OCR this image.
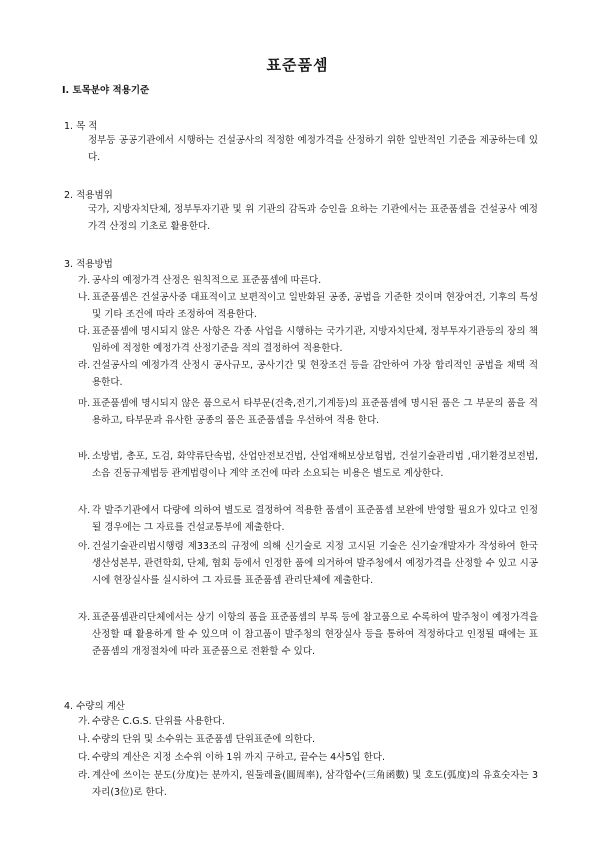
표준품셈
Ⅰ. 토목분야 적용기준
1. 목 적
정부등 공공기관에서 시행하는 건설공사의 적정한 예정가격을 산정하기 위한 일반적인 기준을 제공하는데 있다.
2. 적용범위
국가, 지방자치단체, 정부투자기관 및 위 기관의 감독과 승인을 요하는 기관에서는 표준품셈을 건설공사 예정가격 산정의 기초로 활용한다.
3. 적용방법
가. 공사의 예정가격 산정은 원칙적으로 표준품셈에 따른다.
나. 표준품셈은 건설공사중 대표적이고 보편적이고 일반화된 공종, 공법을 기준한 것이며 현장여건, 기후의 특성 및 기타 조건에 따라 조정하여 적용한다.
다. 표준품셈에 명시되지 않은 사항은 각종 사업을 시행하는 국가기관, 지방자치단체, 정부투자기관등의 장의 책임하에 적정한 예정가격 산정기준을 적의 결정하여 적용한다.
라. 건설공사의 예정가격 산정시 공사규모, 공사기간 및 현장조건 등을 감안하여 가장 합리적인 공법을 채택 적용한다.
마. 표준품셈에 명시되지 않은 품으로서 타부문(건축,전기,기계등)의 표준품셈에 명시된 품은 그 부문의 품을 적용하고, 타부문과 유사한 공종의 품은 표준품셈을 우선하여 적용 한다.
바. 소방법, 총포, 도검, 화약류단속법, 산업안전보건법, 산업재해보상보험법, 건설기술관리법 ,대기환경보전법, 소음 진동규제법등 관계법령이나 계약 조건에 따라 소요되는 비용은 별도로 계상한다.
사. 각 발주기관에서 다량에 의하여 별도로 결정하여 적용한 품셈이 표준품셈 보완에 반영할 필요가 있다고 인정될 경우에는 그 자료를 건설교통부에 제출한다.
아. 건설기술관리법시행령 제33조의 규정에 의해 신기술로 지정 고시된 기술은 신기술개발자가 작성하여 한국생산성본부, 관련학회, 단체, 협회 등에서 인정한 품에 의거하여 발주청에서 예정가격을 산정할 수 있고 시공시에 현장실사를 실시하여 그 자료를 표준품셈 관리단체에 제출한다.
자. 표준품셈관리단체에서는 상기 이항의 품을 표준품셈의 부록 등에 참고품으로 수록하여 발주청이 예정가격을 산정할 때 활용하게 할 수 있으며 이 참고품이 발주청의 현장실사 등을 통하여 적정하다고 인정될 때에는 표준품셈의 개정절차에 따라 표준품으로 전환할 수 있다.
4. 수량의 계산
가. 수량은 C.G.S. 단위를 사용한다.
나. 수량의 단위 및 소수위는 표준품셈 단위표준에 의한다.
다. 수량의 계산은 지정 소수위 이하 1위 까지 구하고, 끝수는 4사5입 한다.
라. 계산에 쓰이는 분도(分度)는 분까지, 원둘레율(圓周率), 삼각함수(三角函數) 및 호도(弧度)의 유효숫자는 3자리(3位)로 한다.
